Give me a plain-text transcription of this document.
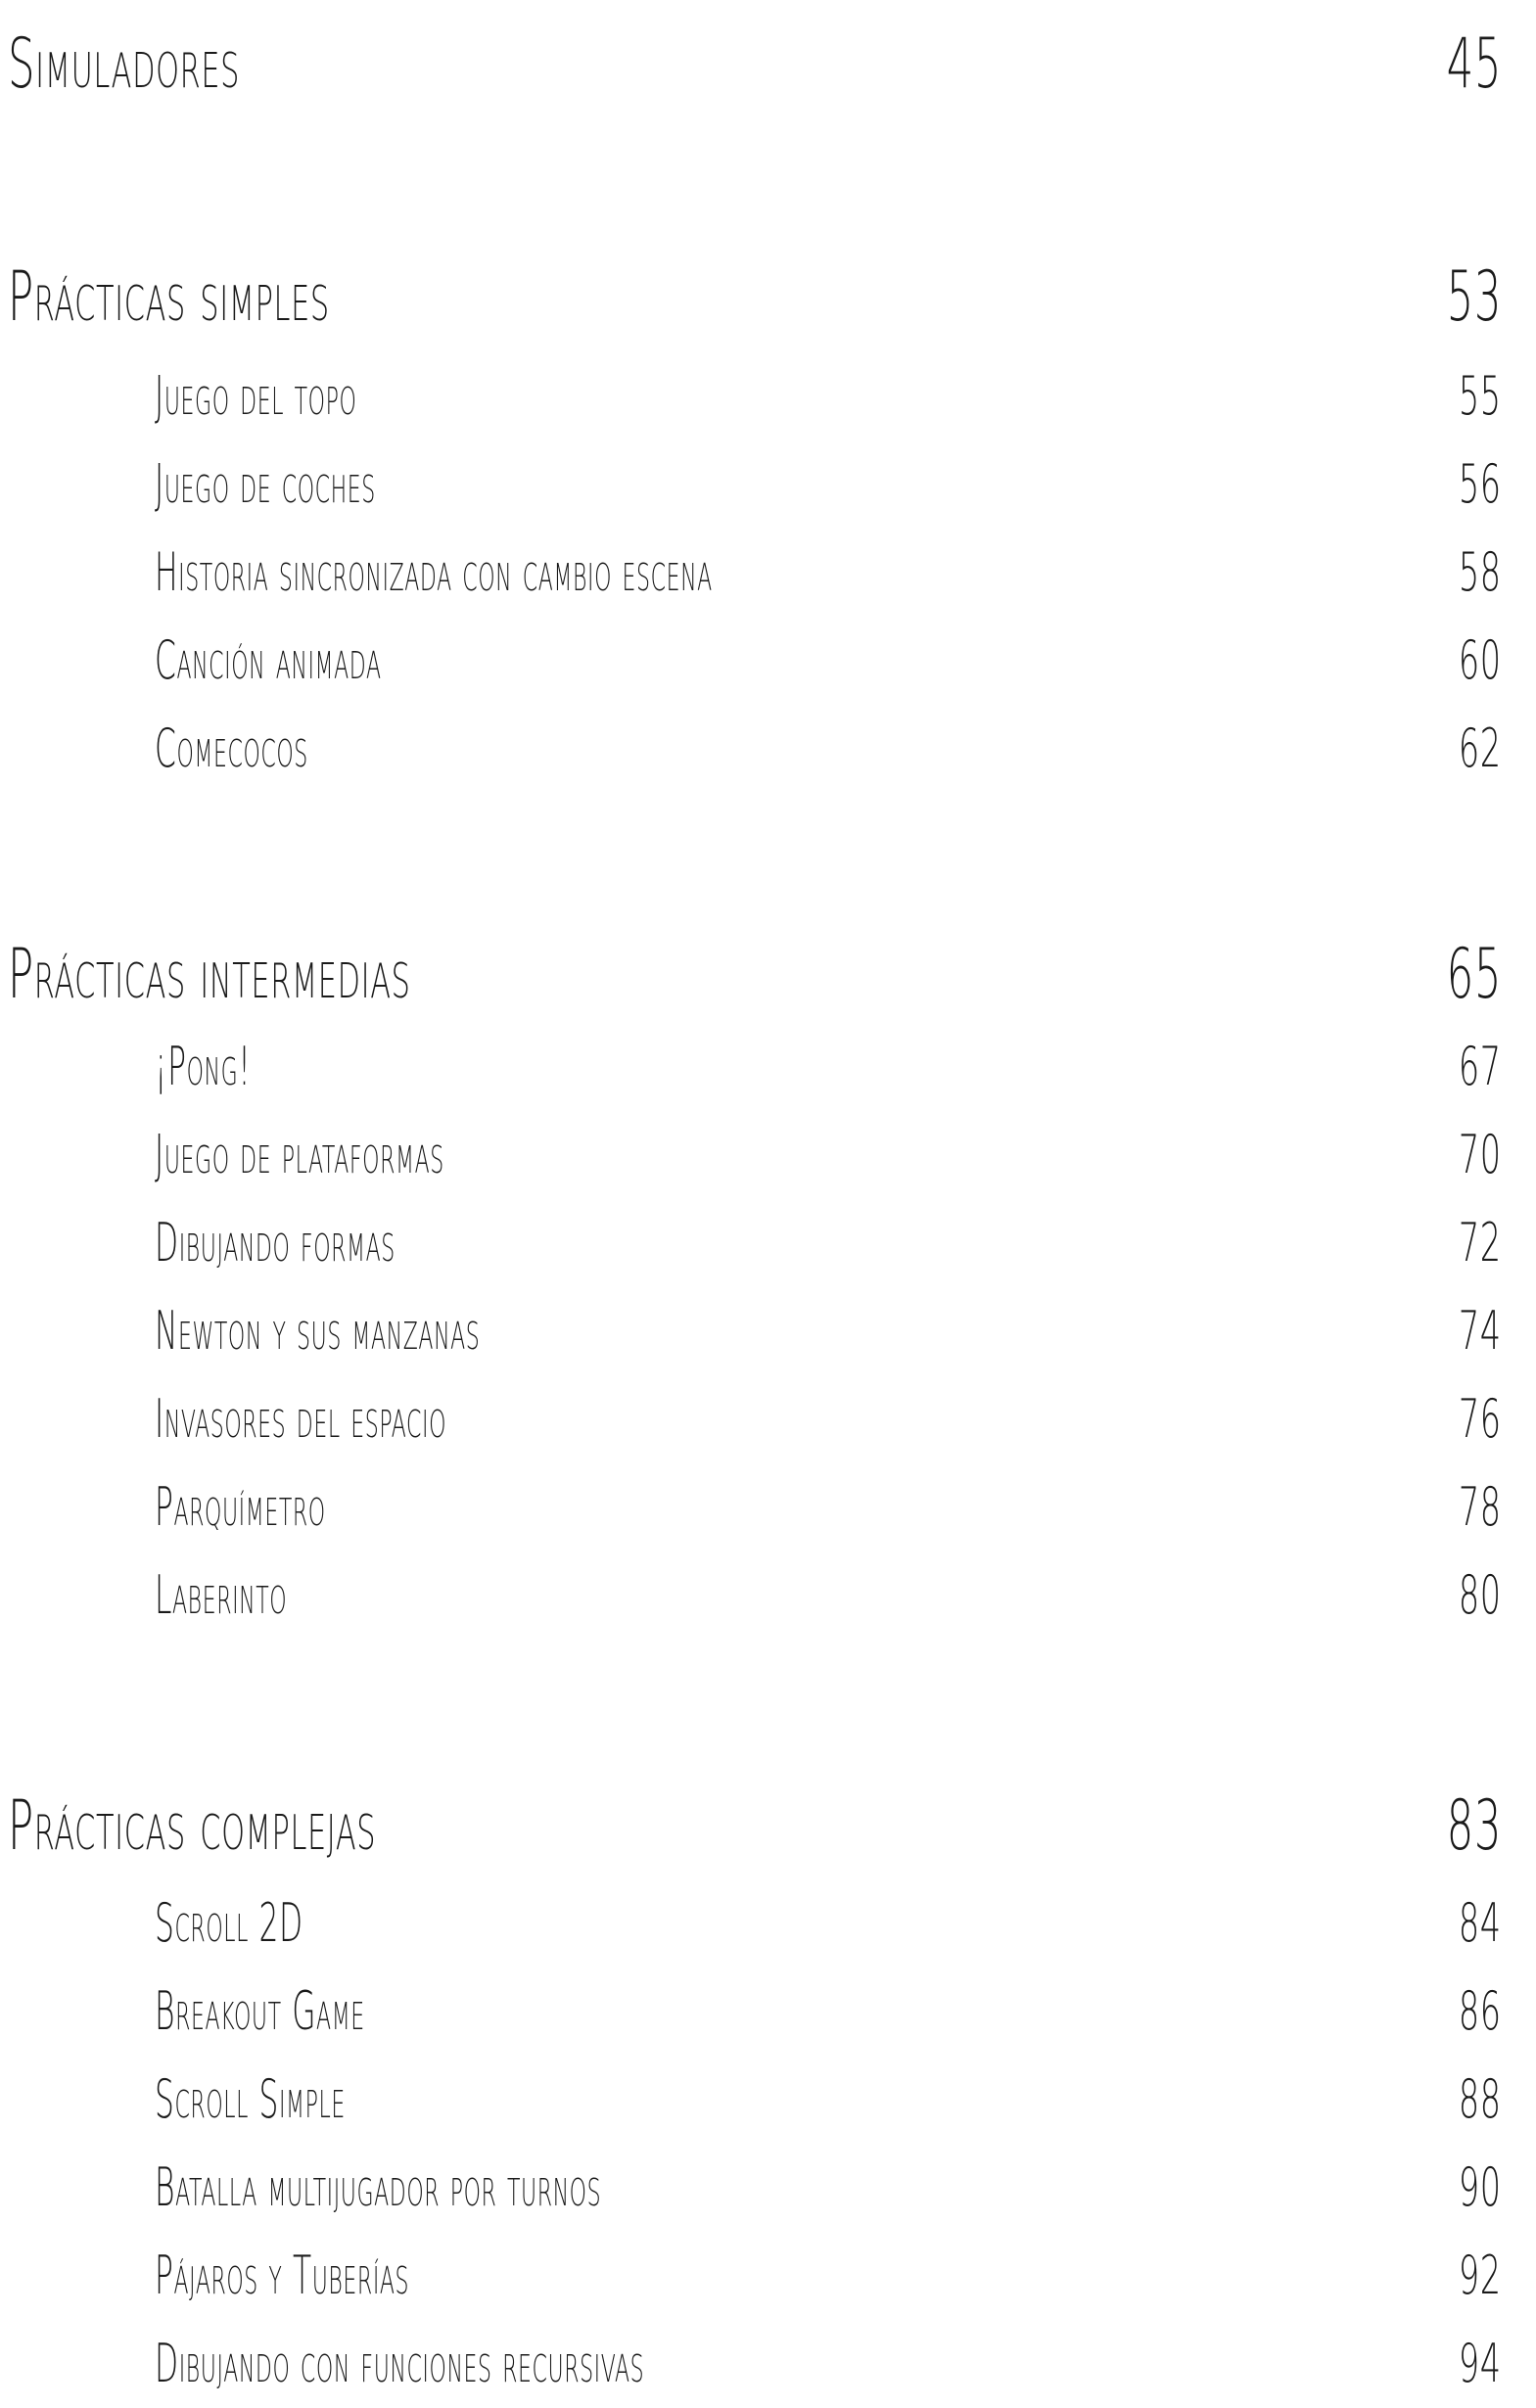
Simuladores	45
Prácticas simples	53
Juego del topo	55
Juego de coches	56
Historia sincronizada con cambio escena	58
Canción animada	60
Comecocos	62
Prácticas intermedias	65
¡Pong!	67
Juego de plataformas	70
Dibujando formas	72
Newton y sus manzanas	74
Invasores del espacio	76
Parquímetro	78
Laberinto	80
Prácticas complejas	83
Scroll 2D	84
Breakout Game	86
Scroll Simple	88
Batalla multijugador por turnos	90
Pájaros y Tuberías	92
Dibujando con funciones recursivas	94
